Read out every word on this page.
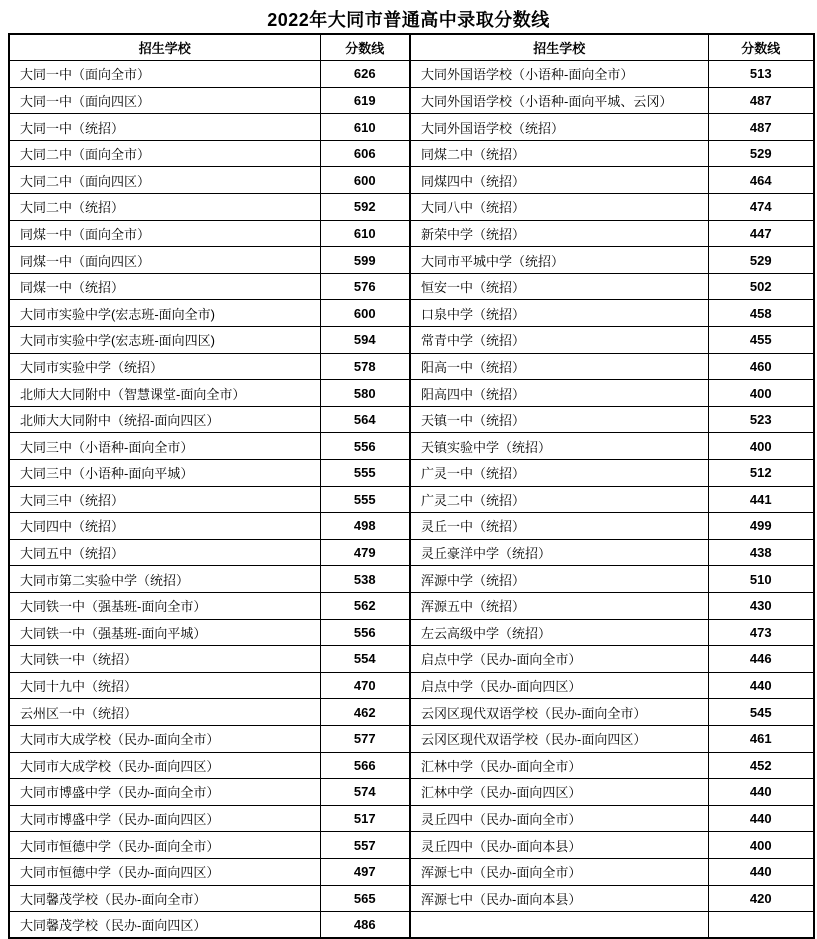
2022年大同市普通高中录取分数线
招生学校	分数线	招生学校	分数线
大同一中（面向全市）	626	大同外国语学校（小语种-面向全市）	513
大同一中（面向四区）	619	大同外国语学校（小语种-面向平城、云冈）	487
大同一中（统招）	610	大同外国语学校（统招）	487
大同二中（面向全市）	606	同煤二中（统招）	529
大同二中（面向四区）	600	同煤四中（统招）	464
大同二中（统招）	592	大同八中（统招）	474
同煤一中（面向全市）	610	新荣中学（统招）	447
同煤一中（面向四区）	599	大同市平城中学（统招）	529
同煤一中（统招）	576	恒安一中（统招）	502
大同市实验中学(宏志班-面向全市)	600	口泉中学（统招）	458
大同市实验中学(宏志班-面向四区)	594	常青中学（统招）	455
大同市实验中学（统招）	578	阳高一中（统招）	460
北师大大同附中（智慧课堂-面向全市）	580	阳高四中（统招）	400
北师大大同附中（统招-面向四区）	564	天镇一中（统招）	523
大同三中（小语种-面向全市）	556	天镇实验中学（统招）	400
大同三中（小语种-面向平城）	555	广灵一中（统招）	512
大同三中（统招）	555	广灵二中（统招）	441
大同四中（统招）	498	灵丘一中（统招）	499
大同五中（统招）	479	灵丘豪洋中学（统招）	438
大同市第二实验中学（统招）	538	浑源中学（统招）	510
大同铁一中（强基班-面向全市）	562	浑源五中（统招）	430
大同铁一中（强基班-面向平城）	556	左云高级中学（统招）	473
大同铁一中（统招）	554	启点中学（民办-面向全市）	446
大同十九中（统招）	470	启点中学（民办-面向四区）	440
云州区一中（统招）	462	云冈区现代双语学校（民办-面向全市）	545
大同市大成学校（民办-面向全市）	577	云冈区现代双语学校（民办-面向四区）	461
大同市大成学校（民办-面向四区）	566	汇林中学（民办-面向全市）	452
大同市博盛中学（民办-面向全市）	574	汇林中学（民办-面向四区）	440
大同市博盛中学（民办-面向四区）	517	灵丘四中（民办-面向全市）	440
大同市恒德中学（民办-面向全市）	557	灵丘四中（民办-面向本县）	400
大同市恒德中学（民办-面向四区）	497	浑源七中（民办-面向全市）	440
大同馨茂学校（民办-面向全市）	565	浑源七中（民办-面向本县）	420
大同馨茂学校（民办-面向四区）	486		
